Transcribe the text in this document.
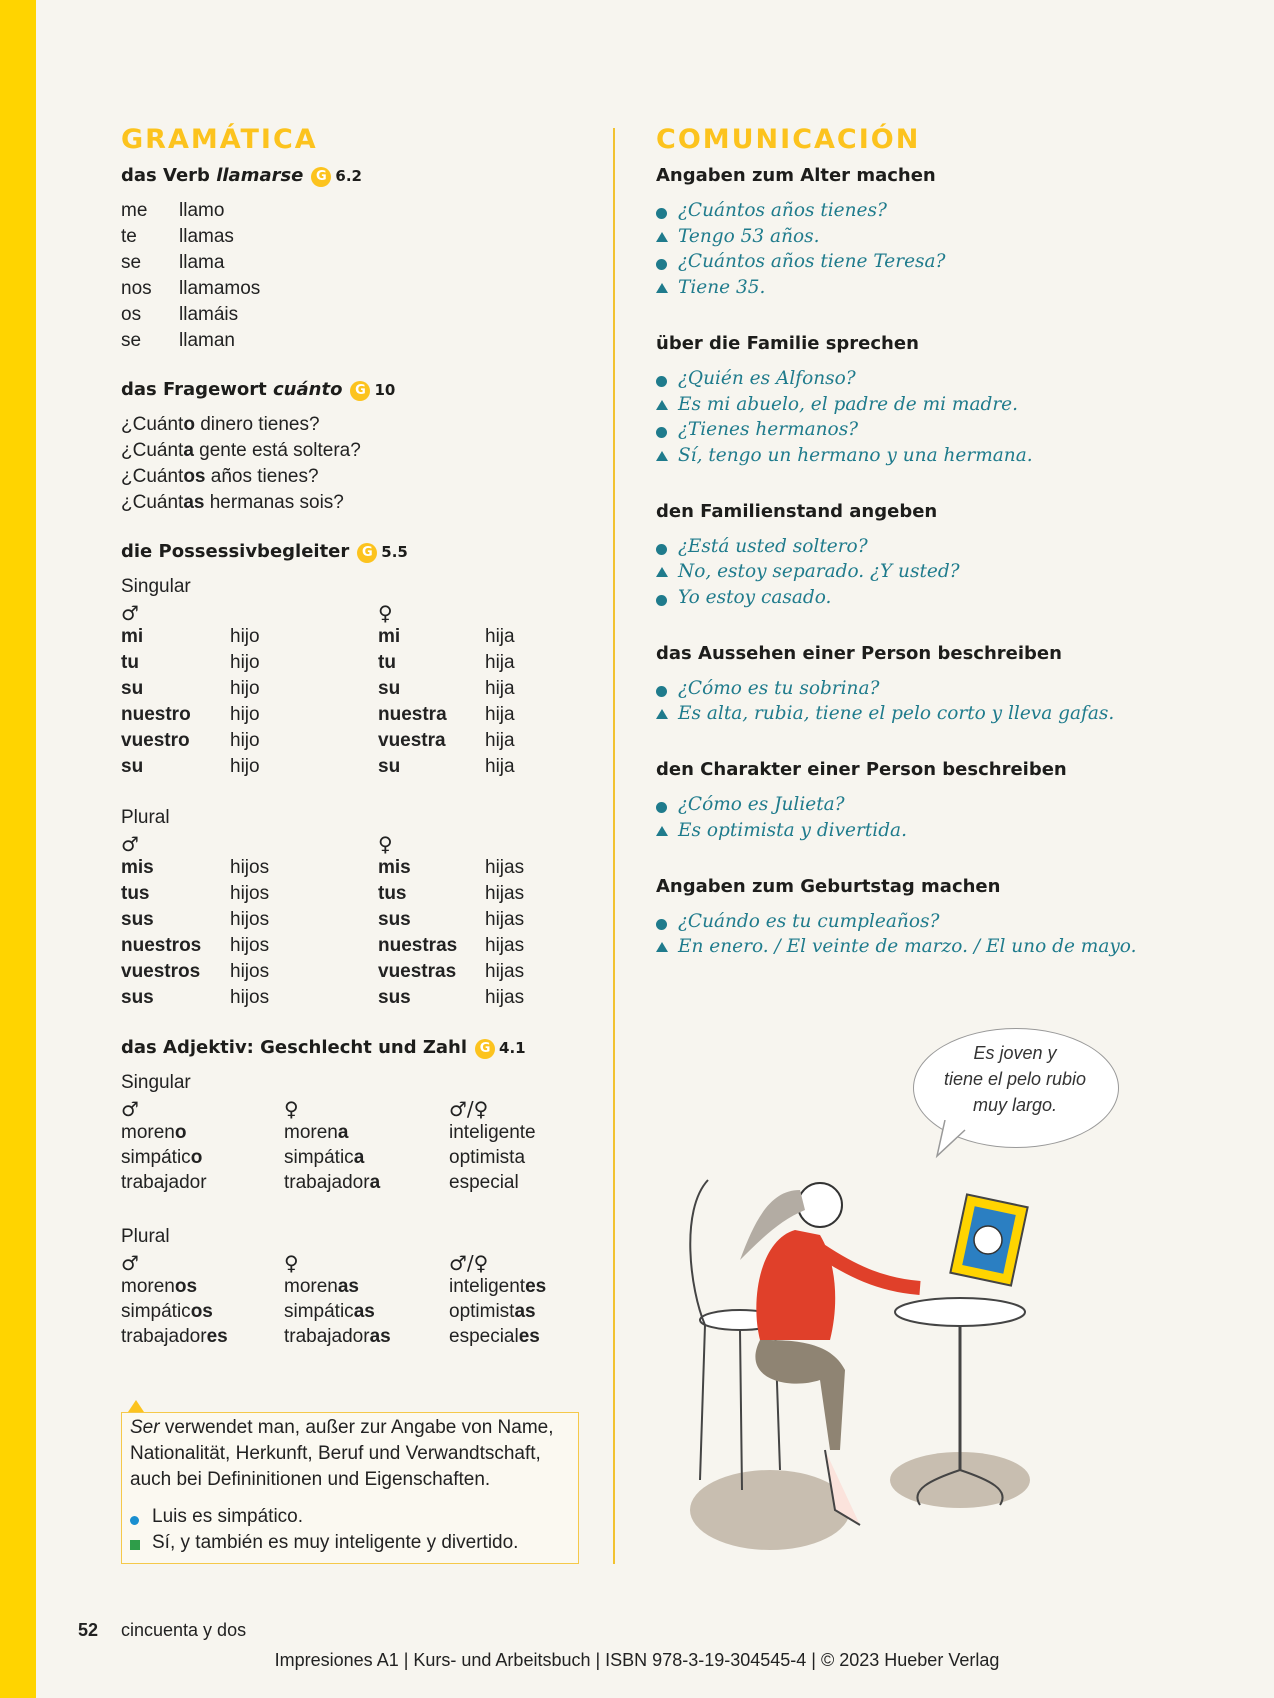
GRAMÁTICA
das Verb llamarse G 6.2
me llamo
te llamas
se llama
nos llamamos
os llamáis
se llaman
das Fragewort cuánto G 10
¿Cuánto dinero tienes?
¿Cuánta gente está soltera?
¿Cuántos años tienes?
¿Cuántas hermanas sois?
die Possessivbegleiter G 5.5
Singular
♂	♀
mi	hijo	mi	hija
tu	hijo	tu	hija
su	hijo	su	hija
nuestro hijo	nuestra hija
vuestro hijo	vuestra hija
su	hijo	su	hija
Plural
♂	♀
mis	hijos	mis	hijas
tus	hijos	tus	hijas
sus	hijos	sus	hijas
nuestros hijos	nuestras hijas
vuestros hijos	vuestras hijas
sus	hijos	sus	hijas
das Adjektiv: Geschlecht und Zahl G 4.1
Singular
♂	♀	♂/♀
moreno	morena	inteligente
simpático	simpática	optimista
trabajador	trabajadora	especial
Plural
♂	♀	♂/♀
morenos	morenas	inteligentes
simpáticos	simpáticas	optimistas
trabajadores	trabajadoras	especiales
Ser verwendet man, außer zur Angabe von Name, Nationalität, Herkunft, Beruf und Verwandtschaft, auch bei Defininitionen und Eigenschaften.
Luis es simpático.
Sí, y también es muy inteligente y divertido.
COMUNICACIÓN
Angaben zum Alter machen
¿Cuántos años tienes?
Tengo 53 años.
¿Cuántos años tiene Teresa?
Tiene 35.
über die Familie sprechen
¿Quién es Alfonso?
Es mi abuelo, el padre de mi madre.
¿Tienes hermanos?
Sí, tengo un hermano y una hermana.
den Familienstand angeben
¿Está usted soltero?
No, estoy separado. ¿Y usted?
Yo estoy casado.
das Aussehen einer Person beschreiben
¿Cómo es tu sobrina?
Es alta, rubia, tiene el pelo corto y lleva gafas.
den Charakter einer Person beschreiben
¿Cómo es Julieta?
Es optimista y divertida.
Angaben zum Geburtstag machen
¿Cuándo es tu cumpleaños?
En enero. / El veinte de marzo. / El uno de mayo.
Es joven y
tiene el pelo rubio
muy largo.
52 cincuenta y dos
Impresiones A1 | Kurs- und Arbeitsbuch | ISBN 978-3-19-304545-4 | © 2023 Hueber Verlag
